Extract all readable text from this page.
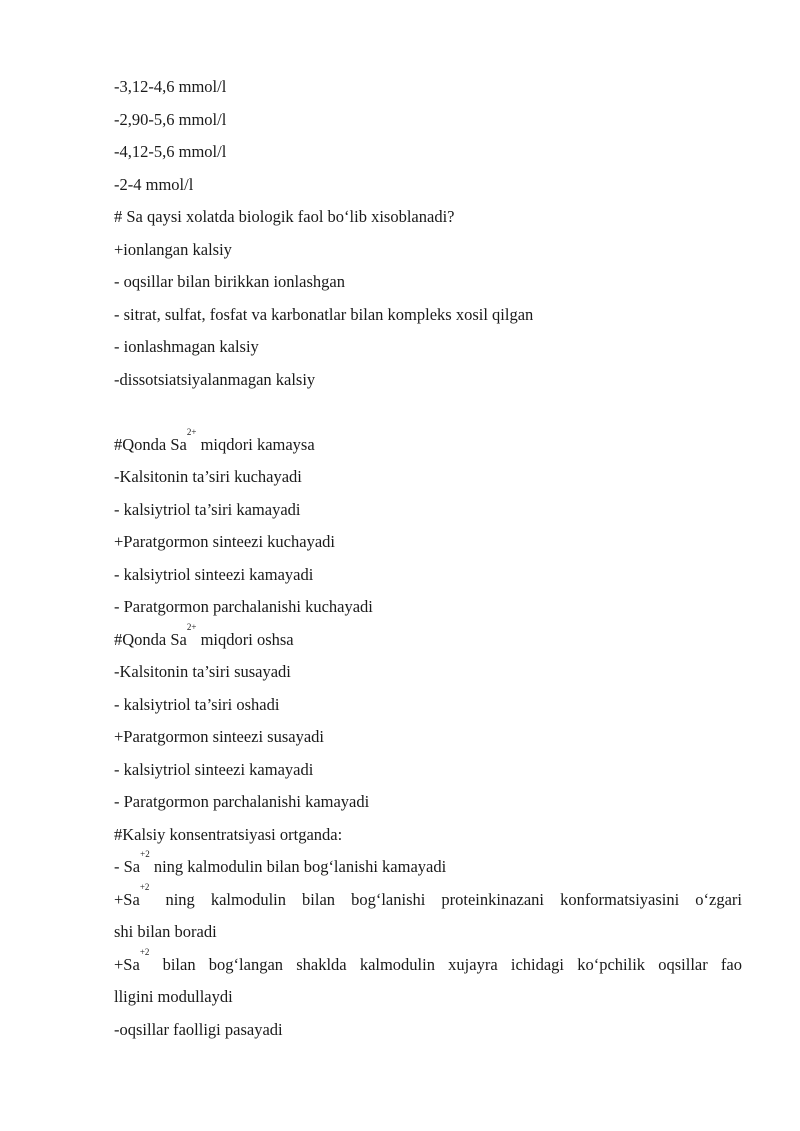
-3,12-4,6 mmol/l
-2,90-5,6 mmol/l
-4,12-5,6 mmol/l
-2-4 mmol/l
# Sa qaysi xolatda biologik faol bo‘lib xisoblanadi?
+ionlangan kalsiy
- oqsillar bilan birikkan ionlashgan
- sitrat, sulfat, fosfat va karbonatlar bilan kompleks xosil qilgan
- ionlashmagan kalsiy
-dissotsiatsiyalanmagan kalsiy
#Qonda $Sa^{2+}$ miqdori kamaysa
-Kalsitonin ta’siri kuchayadi
- kalsiytriol ta’siri kamayadi
+Paratgormon sinteezi kuchayadi
- kalsiytriol sinteezi kamayadi
- Paratgormon parchalanishi kuchayadi
#Qonda $Sa^{2+}$ miqdori oshsa
-Kalsitonin ta’siri susayadi
- kalsiytriol ta’siri oshadi
+Paratgormon sinteezi susayadi
- kalsiytriol sinteezi kamayadi
- Paratgormon parchalanishi kamayadi
#Kalsiy konsentratsiyasi ortganda:
- $Sa^{+2}$ ning kalmodulin bilan bog‘lanishi kamayadi
$+Sa^{+2}$ ning kalmodulin bilan bog‘lanishi proteinkinazani konformatsiyasini o‘zgari
shi bilan boradi
$+Sa^{+2}$ bilan bog‘langan shaklda kalmodulin xujayra ichidagi ko‘pchilik oqsillar fao
lligini modullaydi
-oqsillar faolligi pasayadi
